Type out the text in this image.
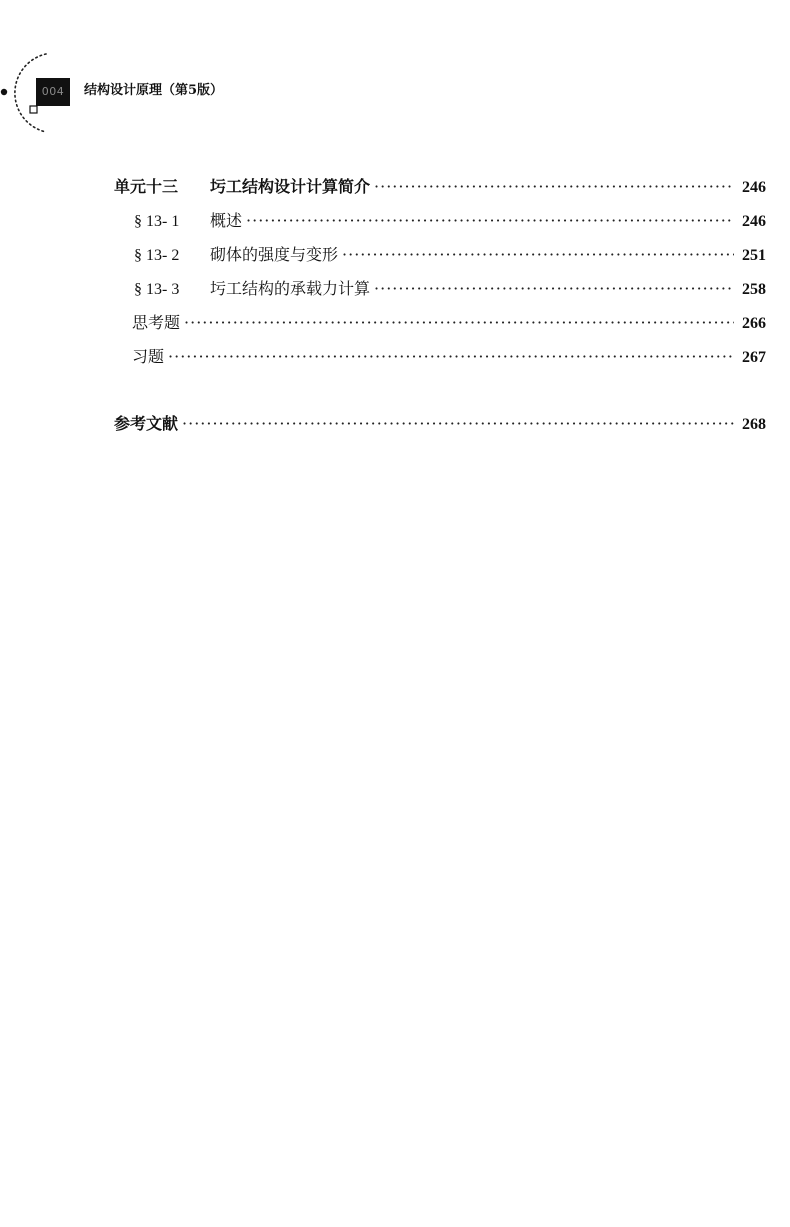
004	结构设计原理（第5版）
单元十三 圬工结构设计计算简介 ·····	246
§ 13- 1 概述 ·····	246
§ 13- 2 砌体的强度与变形 ·····	251
§ 13- 3 圬工结构的承载力计算 ·····	258
思考题 ·····	266
习题 ·····	267
参考文献 ·····	268
